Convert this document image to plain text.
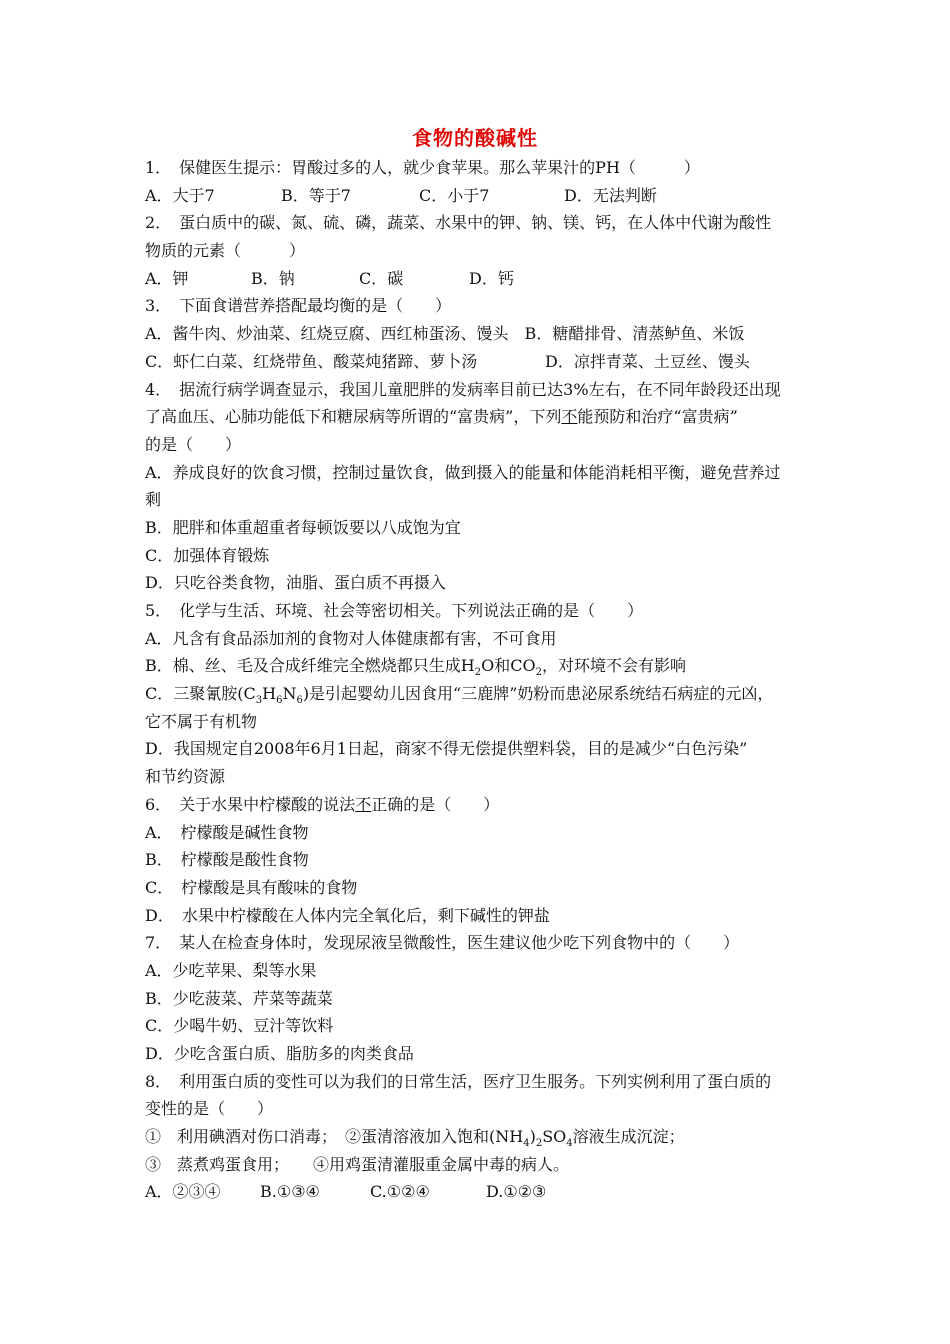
食物的酸碱性
1．　保健医生提示：胃酸过多的人，就少食苹果。那么苹果汁的PH（　　　）
A．大于7	B．等于7	C．小于7	D．无法判断
2．　蛋白质中的碳、氮、硫、磷，蔬菜、水果中的钾、钠、镁、钙，在人体中代谢为酸性
物质的元素（　　　）
A．钾	B．钠	C．碳	D．钙
3．　下面食谱营养搭配最均衡的是（　　）
A．酱牛肉、炒油菜、红烧豆腐、西红柿蛋汤、馒头　B．糖醋排骨、清蒸鲈鱼、米饭
C．虾仁白菜、红烧带鱼、酸菜炖猪蹄、萝卜汤	D．凉拌青菜、土豆丝、馒头
4．　据流行病学调查显示，我国儿童肥胖的发病率目前已达3%左右，在不同年龄段还出现
了高血压、心肺功能低下和糖尿病等所谓的“富贵病”，下列不能预防和治疗“富贵病”
的是（　　）
A．养成良好的饮食习惯，控制过量饮食，做到摄入的能量和体能消耗相平衡，避免营养过
剩
B．肥胖和体重超重者每顿饭要以八成饱为宜
C．加强体育锻炼
D．只吃谷类食物，油脂、蛋白质不再摄入
5．　化学与生活、环境、社会等密切相关。下列说法正确的是（　　）
A．凡含有食品添加剂的食物对人体健康都有害，不可食用
B．棉、丝、毛及合成纤维完全燃烧都只生成$H_2O$和$CO_2$，对环境不会有影响
C．三聚氰胺$(C_3H_6N_6)$是引起婴幼儿因食用“三鹿牌”奶粉而患泌尿系统结石病症的元凶，
它不属于有机物
D．我国规定自2008年6月1日起，商家不得无偿提供塑料袋，目的是减少“白色污染”
和节约资源
6．　关于水果中柠檬酸的说法不正确的是（　　）
A．　柠檬酸是碱性食物
B．　柠檬酸是酸性食物
C．　柠檬酸是具有酸味的食物
D．　水果中柠檬酸在人体内完全氧化后，剩下碱性的钾盐
7．　某人在检查身体时，发现尿液呈微酸性，医生建议他少吃下列食物中的（　　）
A．少吃苹果、梨等水果
B．少吃菠菜、芹菜等蔬菜
C．少喝牛奶、豆汁等饮料
D．少吃含蛋白质、脂肪多的肉类食品
8．　利用蛋白质的变性可以为我们的日常生活，医疗卫生服务。下列实例利用了蛋白质的
变性的是（　　）
①　利用碘酒对伤口消毒；　②蛋清溶液加入饱和$(NH_4)_2SO_4$溶液生成沉淀；
③　蒸煮鸡蛋食用；　　④用鸡蛋清灌服重金属中毒的病人。
A．②③④ B.①③④	C.①②④	D.①②③
